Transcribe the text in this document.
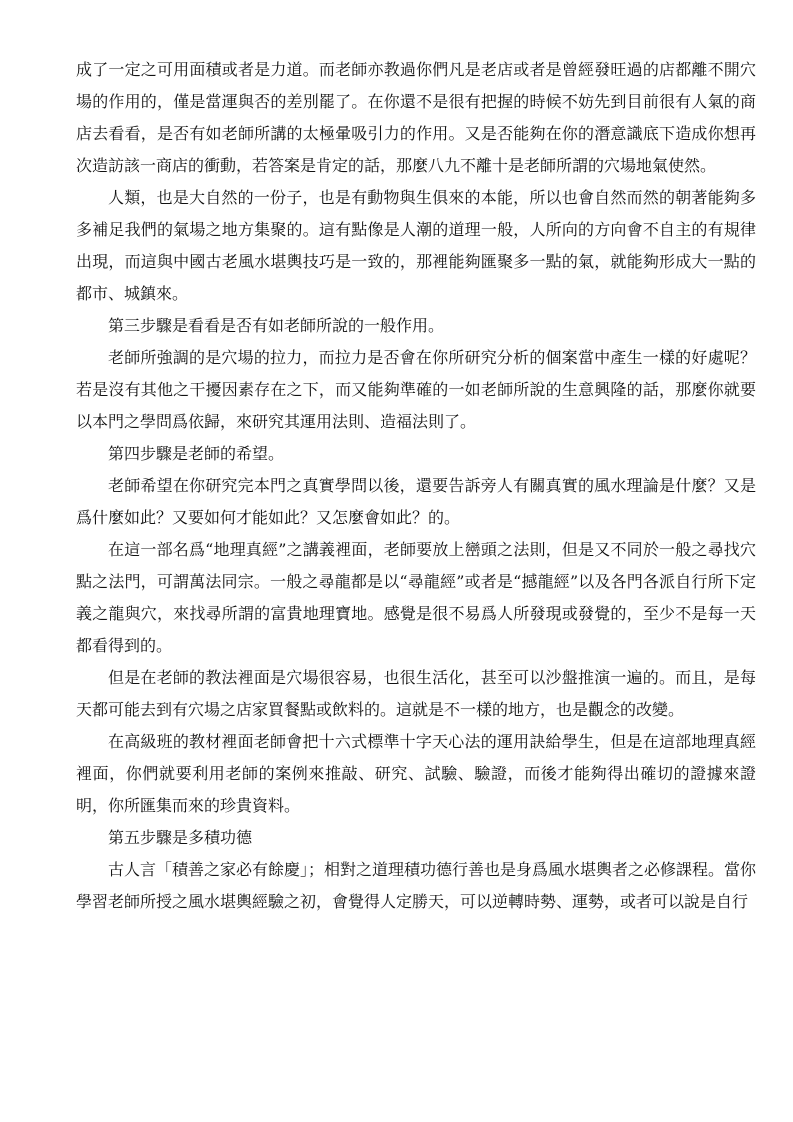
成了一定之可用面積或者是力道。而老師亦教過你們凡是老店或者是曾經發旺過的店都離不開穴場的作用的，僅是當運與否的差別罷了。在你還不是很有把握的時候不妨先到目前很有人氣的商店去看看，是否有如老師所講的太極暈吸引力的作用。又是否能夠在你的潛意識底下造成你想再次造訪該一商店的衝動，若答案是肯定的話，那麼八九不離十是老師所謂的穴場地氣使然。

人類，也是大自然的一份子，也是有動物與生俱來的本能，所以也會自然而然的朝著能夠多多補足我們的氣場之地方集聚的。這有點像是人潮的道理一般，人所向的方向會不自主的有規律出現，而這與中國古老風水堪輿技巧是一致的，那裡能夠匯聚多一點的氣，就能夠形成大一點的都市、城鎮來。

第三步驟是看看是否有如老師所說的一般作用。

老師所強調的是穴場的拉力，而拉力是否會在你所研究分析的個案當中產生一樣的好處呢？若是沒有其他之干擾因素存在之下，而又能夠準確的一如老師所說的生意興隆的話，那麼你就要以本門之學問爲依歸，來研究其運用法則、造福法則了。

第四步驟是老師的希望。

老師希望在你研究完本門之真實學問以後，還要告訴旁人有關真實的風水理論是什麼？又是爲什麼如此？又要如何才能如此？又怎麼會如此？的。

在這一部名爲“地理真經”之講義裡面，老師要放上巒頭之法則，但是又不同於一般之尋找穴點之法門，可謂萬法同宗。一般之尋龍都是以“尋龍經”或者是“撼龍經”以及各門各派自行所下定義之龍與穴，來找尋所謂的富貴地理寶地。感覺是很不易爲人所發現或發覺的，至少不是每一天都看得到的。

但是在老師的教法裡面是穴場很容易，也很生活化，甚至可以沙盤推演一遍的。而且，是每天都可能去到有穴場之店家買餐點或飲料的。這就是不一樣的地方，也是觀念的改變。

在高級班的教材裡面老師會把十六式標準十字天心法的運用訣給學生，但是在這部地理真經裡面，你們就要利用老師的案例來推敲、研究、試驗、驗證，而後才能夠得出確切的證據來證明，你所匯集而來的珍貴資料。

第五步驟是多積功德

古人言「積善之家必有餘慶」；相對之道理積功德行善也是身爲風水堪輿者之必修課程。當你學習老師所授之風水堪輿經驗之初，會覺得人定勝天，可以逆轉時勢、運勢，或者可以說是自行
